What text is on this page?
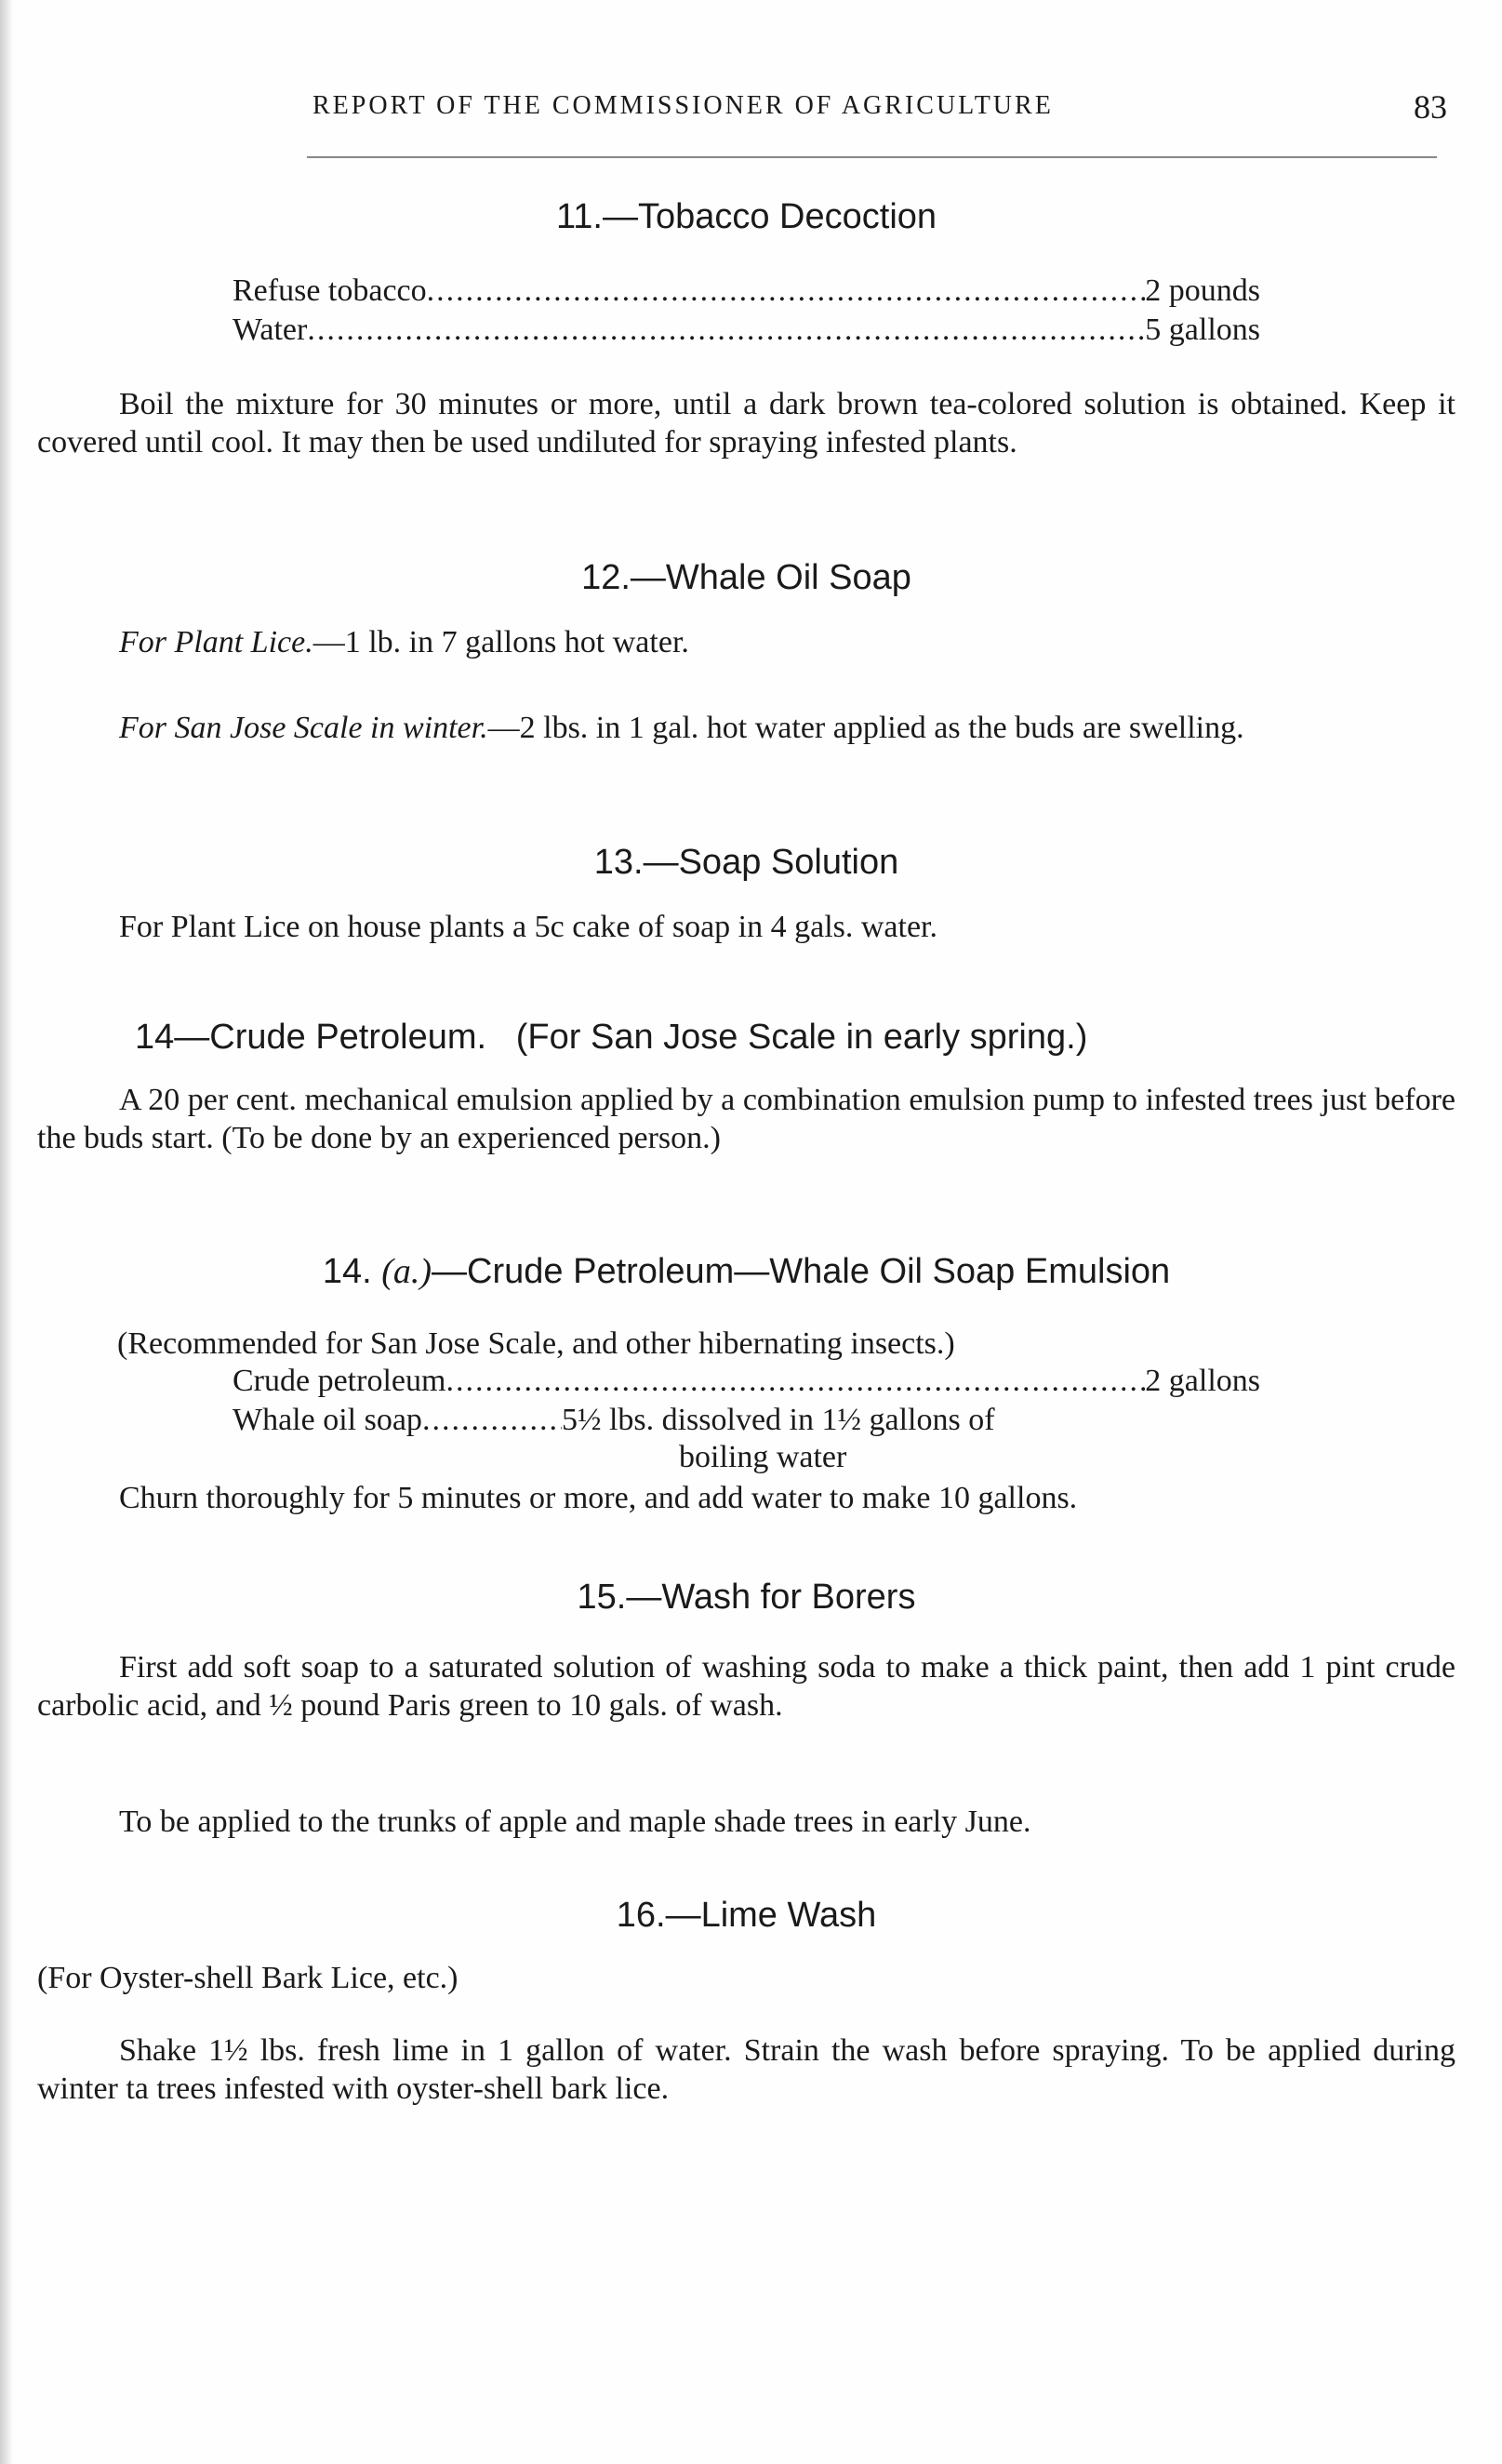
REPORT OF THE COMMISSIONER OF AGRICULTURE	83
11.—Tobacco Decoction
Refuse tobacco .....	2 pounds
Water .....	5 gallons
Boil the mixture for 30 minutes or more, until a dark brown tea-colored solution is obtained. Keep it covered until cool. It may then be used undiluted for spraying infested plants.
12.—Whale Oil Soap
For Plant Lice.—1 lb. in 7 gallons hot water.
For San Jose Scale in winter.—2 lbs. in 1 gal. hot water applied as the buds are swelling.
13.—Soap Solution
For Plant Lice on house plants a 5c cake of soap in 4 gals. water.
14—Crude Petroleum. (For San Jose Scale in early spring.)
A 20 per cent. mechanical emulsion applied by a combination emulsion pump to infested trees just before the buds start. (To be done by an experienced person.)
14. (a.)—Crude Petroleum—Whale Oil Soap Emulsion
(Recommended for San Jose Scale, and other hibernating insects.)
Crude petroleum .....	2 gallons
Whale oil soap .....	5½ lbs. dissolved in 1½ gallons of
boiling water
Churn thoroughly for 5 minutes or more, and add water to make 10 gallons.
15.—Wash for Borers
First add soft soap to a saturated solution of washing soda to make a thick paint, then add 1 pint crude carbolic acid, and ½ pound Paris green to 10 gals. of wash.
To be applied to the trunks of apple and maple shade trees in early June.
16.—Lime Wash
(For Oyster-shell Bark Lice, etc.)
Shake 1½ lbs. fresh lime in 1 gallon of water. Strain the wash before spraying. To be applied during winter ta trees infested with oyster-shell bark lice.
